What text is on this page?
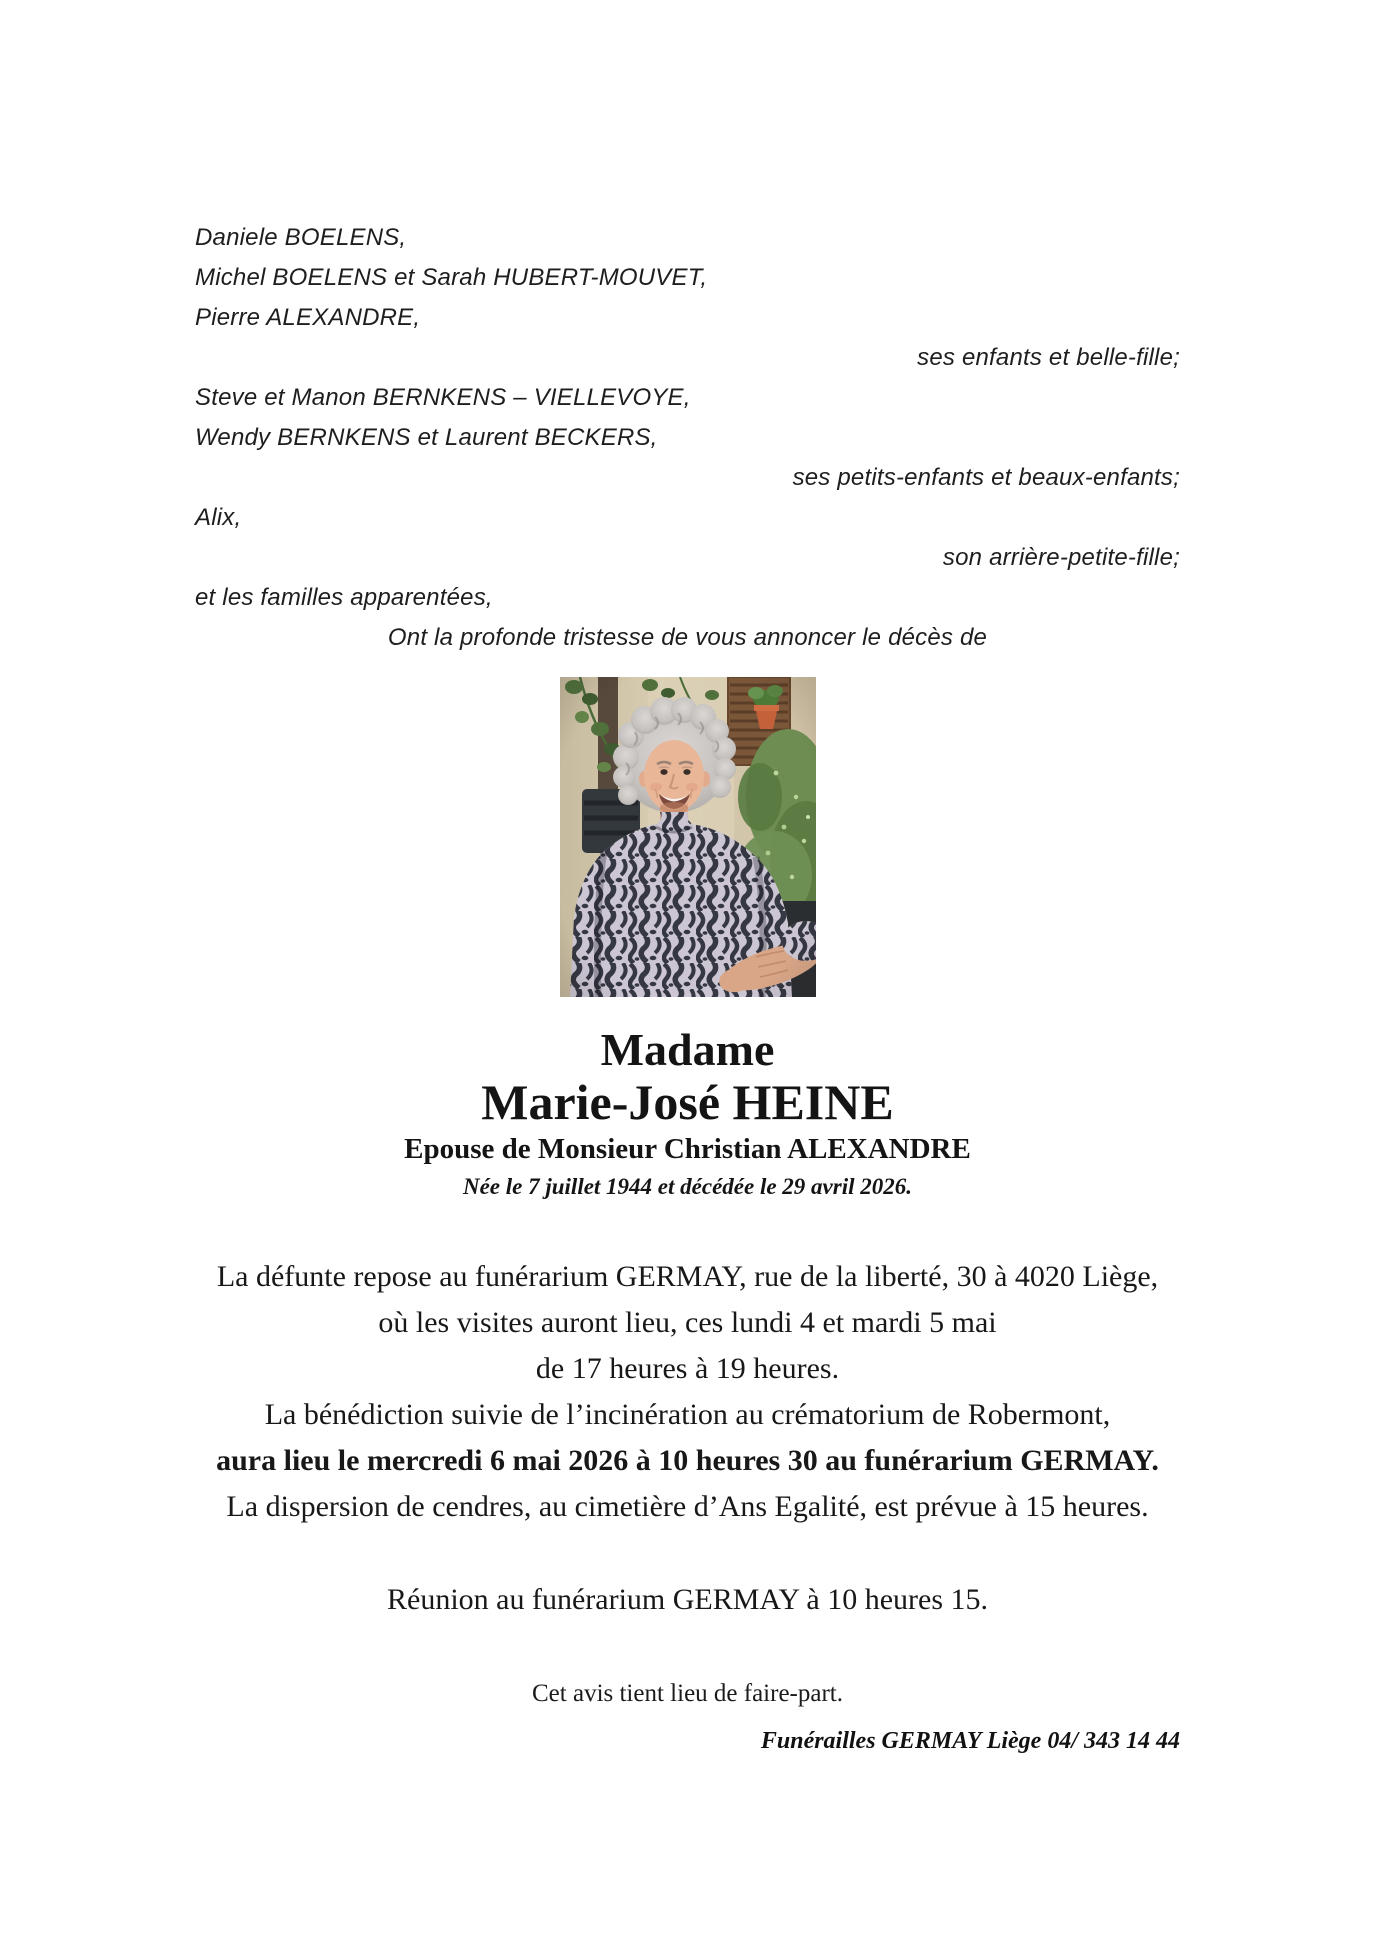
Daniele BOELENS,
Michel BOELENS et Sarah HUBERT-MOUVET,
Pierre ALEXANDRE,
ses enfants et belle-fille;
Steve et Manon BERNKENS – VIELLEVOYE,
Wendy BERNKENS et Laurent BECKERS,
ses petits-enfants et beaux-enfants;
Alix,
son arrière-petite-fille;
et les familles apparentées,
Ont la profonde tristesse de vous annoncer le décès de
Madame
Marie-José HEINE
Epouse de Monsieur Christian ALEXANDRE
Née le 7 juillet 1944 et décédée le 29 avril 2026.
La défunte repose au funérarium GERMAY, rue de la liberté, 30 à 4020 Liège,
où les visites auront lieu, ces lundi 4 et mardi 5 mai
de 17 heures à 19 heures.
La bénédiction suivie de l’incinération au crématorium de Robermont,
aura lieu le mercredi 6 mai 2026 à 10 heures 30 au funérarium GERMAY.
La dispersion de cendres, au cimetière d’Ans Egalité, est prévue à 15 heures.
Réunion au funérarium GERMAY à 10 heures 15.
Cet avis tient lieu de faire-part.
Funérailles GERMAY Liège 04/ 343 14 44
